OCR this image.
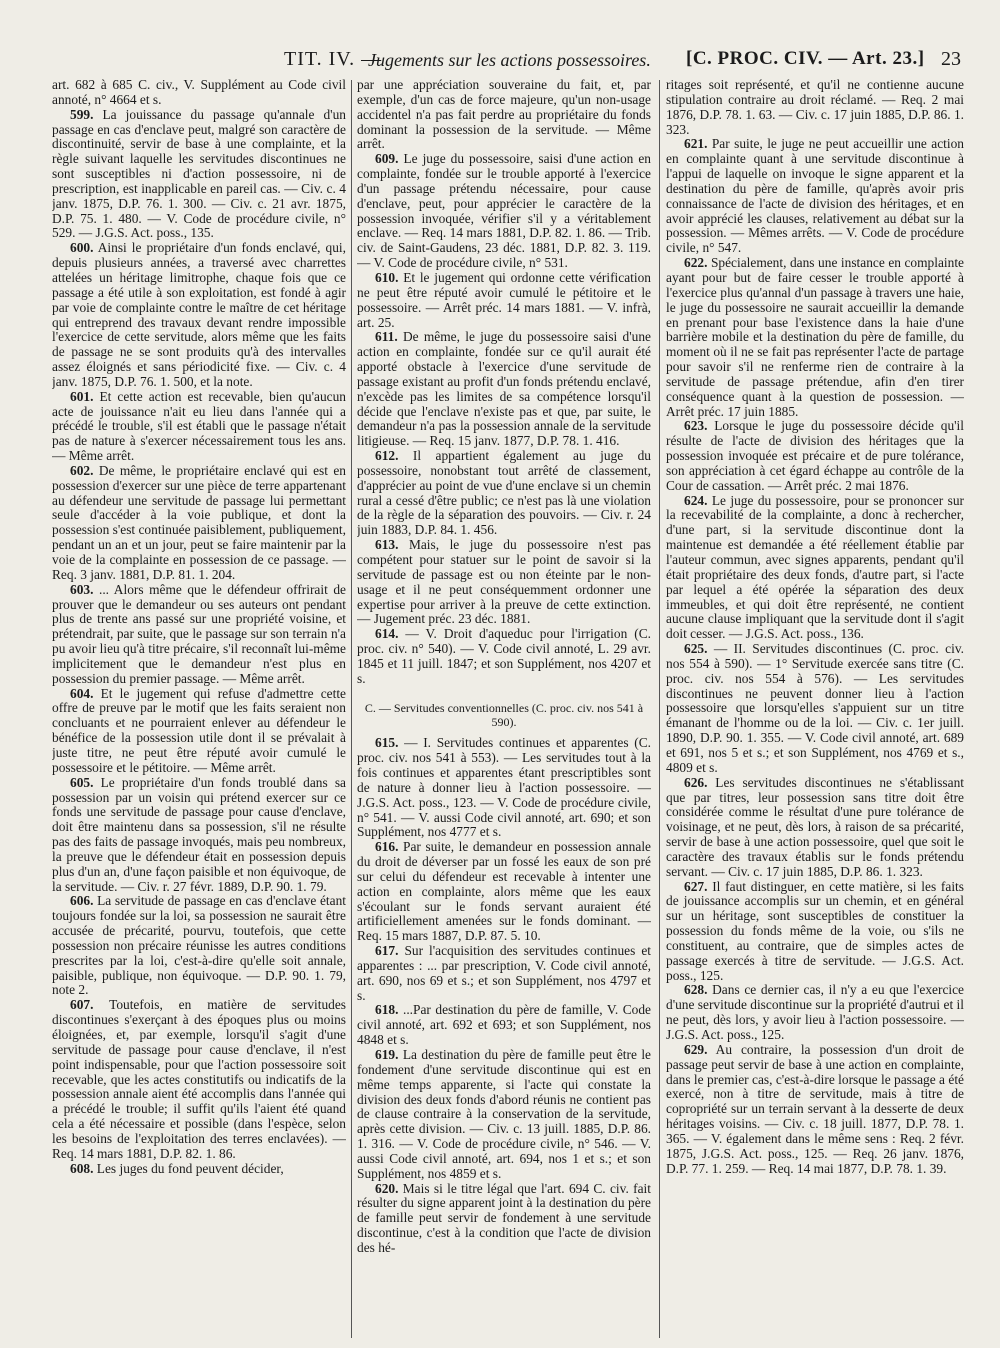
TIT. IV. —
Jugements sur les actions possessoires. [C. PROC. CIV. — Art. 23.] 23

art. 682 à 685 C. civ., V. Supplément au Code civil annoté, n° 4664 et s.

599. La jouissance du passage qu'annale d'un passage en cas d'enclave peut, malgré son caractère de discontinuité, servir de base à une complainte, et la règle suivant laquelle les servitudes discontinues ne sont susceptibles ni d'action possessoire, ni de prescription, est inapplicable en pareil cas. — Civ. c. 4 janv. 1875, D.P. 76. 1. 300. — Civ. c. 21 avr. 1875, D.P. 75. 1. 480. — V. Code de procédure civile, n° 529. — J.G.S. Act. poss., 135.

600. Ainsi le propriétaire d'un fonds enclavé, qui, depuis plusieurs années, a traversé avec charrettes attelées un héritage limitrophe, chaque fois que ce passage a été utile à son exploitation, est fondé à agir par voie de complainte contre le maître de cet héritage qui entreprend des travaux devant rendre impossible l'exercice de cette servitude, alors même que les faits de passage ne se sont produits qu'à des intervalles assez éloignés et sans périodicité fixe. — Civ. c. 4 janv. 1875, D.P. 76. 1. 500, et la note.

601. Et cette action est recevable, bien qu'aucun acte de jouissance n'ait eu lieu dans l'année qui a précédé le trouble, s'il est établi que le passage n'était pas de nature à s'exercer nécessairement tous les ans. — Même arrêt.

602. De même, le propriétaire enclavé qui est en possession d'exercer sur une pièce de terre appartenant au défendeur une servitude de passage lui permettant seule d'accéder à la voie publique, et dont la possession s'est continuée paisiblement, publiquement, pendant un an et un jour, peut se faire maintenir par la voie de la complainte en possession de ce passage. — Req. 3 janv. 1881, D.P. 81. 1. 204.

603. ... Alors même que le défendeur offrirait de prouver que le demandeur ou ses auteurs ont pendant plus de trente ans passé sur une propriété voisine, et prétendrait, par suite, que le passage sur son terrain n'a pu avoir lieu qu'à titre précaire, s'il reconnaît lui-même implicitement que le demandeur n'est plus en possession du premier passage. — Même arrêt.

604. Et le jugement qui refuse d'admettre cette offre de preuve par le motif que les faits seraient non concluants et ne pourraient enlever au défendeur le bénéfice de la possession utile dont il se prévalait à juste titre, ne peut être réputé avoir cumulé le possessoire et le pétitoire. — Même arrêt.

605. Le propriétaire d'un fonds troublé dans sa possession par un voisin qui prétend exercer sur ce fonds une servitude de passage pour cause d'enclave, doit être maintenu dans sa possession, s'il ne résulte pas des faits de passage invoqués, mais peu nombreux, la preuve que le défendeur était en possession depuis plus d'un an, d'une façon paisible et non équivoque, de la servitude. — Civ. r. 27 févr. 1889, D.P. 90. 1. 79.

606. La servitude de passage en cas d'enclave étant toujours fondée sur la loi, sa possession ne saurait être accusée de précarité, pourvu, toutefois, que cette possession non précaire réunisse les autres conditions prescrites par la loi, c'est-à-dire qu'elle soit annale, paisible, publique, non équivoque. — D.P. 90. 1. 79, note 2.

607. Toutefois, en matière de servitudes discontinues s'exerçant à des époques plus ou moins éloignées, et, par exemple, lorsqu'il s'agit d'une servitude de passage pour cause d'enclave, il n'est point indispensable, pour que l'action possessoire soit recevable, que les actes constitutifs ou indicatifs de la possession annale aient été accomplis dans l'année qui a précédé le trouble; il suffit qu'ils l'aient été quand cela a été nécessaire et possible (dans l'espèce, selon les besoins de l'exploitation des terres enclavées). — Req. 14 mars 1881, D.P. 82. 1. 86.

608. Les juges du fond peuvent décider,

par une appréciation souveraine du fait, et, par exemple, d'un cas de force majeure, qu'un non-usage accidentel n'a pas fait perdre au propriétaire du fonds dominant la possession de la servitude. — Même arrêt.

609. Le juge du possessoire, saisi d'une action en complainte, fondée sur le trouble apporté à l'exercice d'un passage prétendu nécessaire, pour cause d'enclave, peut, pour apprécier le caractère de la possession invoquée, vérifier s'il y a véritablement enclave. — Req. 14 mars 1881, D.P. 82. 1. 86. — Trib. civ. de Saint-Gaudens, 23 déc. 1881, D.P. 82. 3. 119. — V. Code de procédure civile, n° 531.

610. Et le jugement qui ordonne cette vérification ne peut être réputé avoir cumulé le pétitoire et le possessoire. — Arrêt préc. 14 mars 1881. — V. infrà, art. 25.

611. De même, le juge du possessoire saisi d'une action en complainte, fondée sur ce qu'il aurait été apporté obstacle à l'exercice d'une servitude de passage existant au profit d'un fonds prétendu enclavé, n'excède pas les limites de sa compétence lorsqu'il décide que l'enclave n'existe pas et que, par suite, le demandeur n'a pas la possession annale de la servitude litigieuse. — Req. 15 janv. 1877, D.P. 78. 1. 416.

612. Il appartient également au juge du possessoire, nonobstant tout arrêté de classement, d'apprécier au point de vue d'une enclave si un chemin rural a cessé d'être public; ce n'est pas là une violation de la règle de la séparation des pouvoirs. — Civ. r. 24 juin 1883, D.P. 84. 1. 456.

613. Mais, le juge du possessoire n'est pas compétent pour statuer sur le point de savoir si la servitude de passage est ou non éteinte par le non-usage et il ne peut conséquemment ordonner une expertise pour arriver à la preuve de cette extinction. — Jugement préc. 23 déc. 1881.

614. — V. Droit d'aqueduc pour l'irrigation (C. proc. civ. n° 540). — V. Code civil annoté, L. 29 avr. 1845 et 11 juill. 1847; et son Supplément, nos 4207 et s.

C. — Servitudes conventionnelles (C. proc. civ. nos 541 à 590).

615. — I. Servitudes continues et apparentes (C. proc. civ. nos 541 à 553). — Les servitudes tout à la fois continues et apparentes étant prescriptibles sont de nature à donner lieu à l'action possessoire. — J.G.S. Act. poss., 123. — V. Code de procédure civile, n° 541. — V. aussi Code civil annoté, art. 690; et son Supplément, nos 4777 et s.

616. Par suite, le demandeur en possession annale du droit de déverser par un fossé les eaux de son pré sur celui du défendeur est recevable à intenter une action en complainte, alors même que les eaux s'écoulant sur le fonds servant auraient été artificiellement amenées sur le fonds dominant. — Req. 15 mars 1887, D.P. 87. 5. 10.

617. Sur l'acquisition des servitudes continues et apparentes : ... par prescription, V. Code civil annoté, art. 690, nos 69 et s.; et son Supplément, nos 4797 et s.

618. ...Par destination du père de famille, V. Code civil annoté, art. 692 et 693; et son Supplément, nos 4848 et s.

619. La destination du père de famille peut être le fondement d'une servitude discontinue qui est en même temps apparente, si l'acte qui constate la division des deux fonds d'abord réunis ne contient pas de clause contraire à la conservation de la servitude, après cette division. — Civ. c. 13 juill. 1885, D.P. 86. 1. 316. — V. Code de procédure civile, n° 546. — V. aussi Code civil annoté, art. 694, nos 1 et s.; et son Supplément, nos 4859 et s.

620. Mais si le titre légal que l'art. 694 C. civ. fait résulter du signe apparent joint à la destination du père de famille peut servir de fondement à une servitude discontinue, c'est à la condition que l'acte de division des hé-

ritages soit représenté, et qu'il ne contienne aucune stipulation contraire au droit réclamé. — Req. 2 mai 1876, D.P. 78. 1. 63. — Civ. c. 17 juin 1885, D.P. 86. 1. 323.

621. Par suite, le juge ne peut accueillir une action en complainte quant à une servitude discontinue à l'appui de laquelle on invoque le signe apparent et la destination du père de famille, qu'après avoir pris connaissance de l'acte de division des héritages, et en avoir apprécié les clauses, relativement au débat sur la possession. — Mêmes arrêts. — V. Code de procédure civile, n° 547.

622. Spécialement, dans une instance en complainte ayant pour but de faire cesser le trouble apporté à l'exercice plus qu'annal d'un passage à travers une haie, le juge du possessoire ne saurait accueillir la demande en prenant pour base l'existence dans la haie d'une barrière mobile et la destination du père de famille, du moment où il ne se fait pas représenter l'acte de partage pour savoir s'il ne renferme rien de contraire à la servitude de passage prétendue, afin d'en tirer conséquence quant à la question de possession. — Arrêt préc. 17 juin 1885.

623. Lorsque le juge du possessoire décide qu'il résulte de l'acte de division des héritages que la possession invoquée est précaire et de pure tolérance, son appréciation à cet égard échappe au contrôle de la Cour de cassation. — Arrêt préc. 2 mai 1876.

624. Le juge du possessoire, pour se prononcer sur la recevabilité de la complainte, a donc à rechercher, d'une part, si la servitude discontinue dont la maintenue est demandée a été réellement établie par l'auteur commun, avec signes apparents, pendant qu'il était propriétaire des deux fonds, d'autre part, si l'acte par lequel a été opérée la séparation des deux immeubles, et qui doit être représenté, ne contient aucune clause impliquant que la servitude dont il s'agit doit cesser. — J.G.S. Act. poss., 136.

625. — II. Servitudes discontinues (C. proc. civ. nos 554 à 590). — 1° Servitude exercée sans titre (C. proc. civ. nos 554 à 576). — Les servitudes discontinues ne peuvent donner lieu à l'action possessoire que lorsqu'elles s'appuient sur un titre émanant de l'homme ou de la loi. — Civ. c. 1er juill. 1890, D.P. 90. 1. 355. — V. Code civil annoté, art. 689 et 691, nos 5 et s.; et son Supplément, nos 4769 et s., 4809 et s.

626. Les servitudes discontinues ne s'établissant que par titres, leur possession sans titre doit être considérée comme le résultat d'une pure tolérance de voisinage, et ne peut, dès lors, à raison de sa précarité, servir de base à une action possessoire, quel que soit le caractère des travaux établis sur le fonds prétendu servant. — Civ. c. 17 juin 1885, D.P. 86. 1. 323.

627. Il faut distinguer, en cette matière, si les faits de jouissance accomplis sur un chemin, et en général sur un héritage, sont susceptibles de constituer la possession du fonds même de la voie, ou s'ils ne constituent, au contraire, que de simples actes de passage exercés à titre de servitude. — J.G.S. Act. poss., 125.

628. Dans ce dernier cas, il n'y a eu que l'exercice d'une servitude discontinue sur la propriété d'autrui et il ne peut, dès lors, y avoir lieu à l'action possessoire. — J.G.S. Act. poss., 125.

629. Au contraire, la possession d'un droit de passage peut servir de base à une action en complainte, dans le premier cas, c'est-à-dire lorsque le passage a été exercé, non à titre de servitude, mais à titre de copropriété sur un terrain servant à la desserte de deux héritages voisins. — Civ. c. 18 juill. 1877, D.P. 78. 1. 365. — V. également dans le même sens : Req. 2 févr. 1875, J.G.S. Act. poss., 125. — Req. 26 janv. 1876, D.P. 77. 1. 259. — Req. 14 mai 1877, D.P. 78. 1. 39.
